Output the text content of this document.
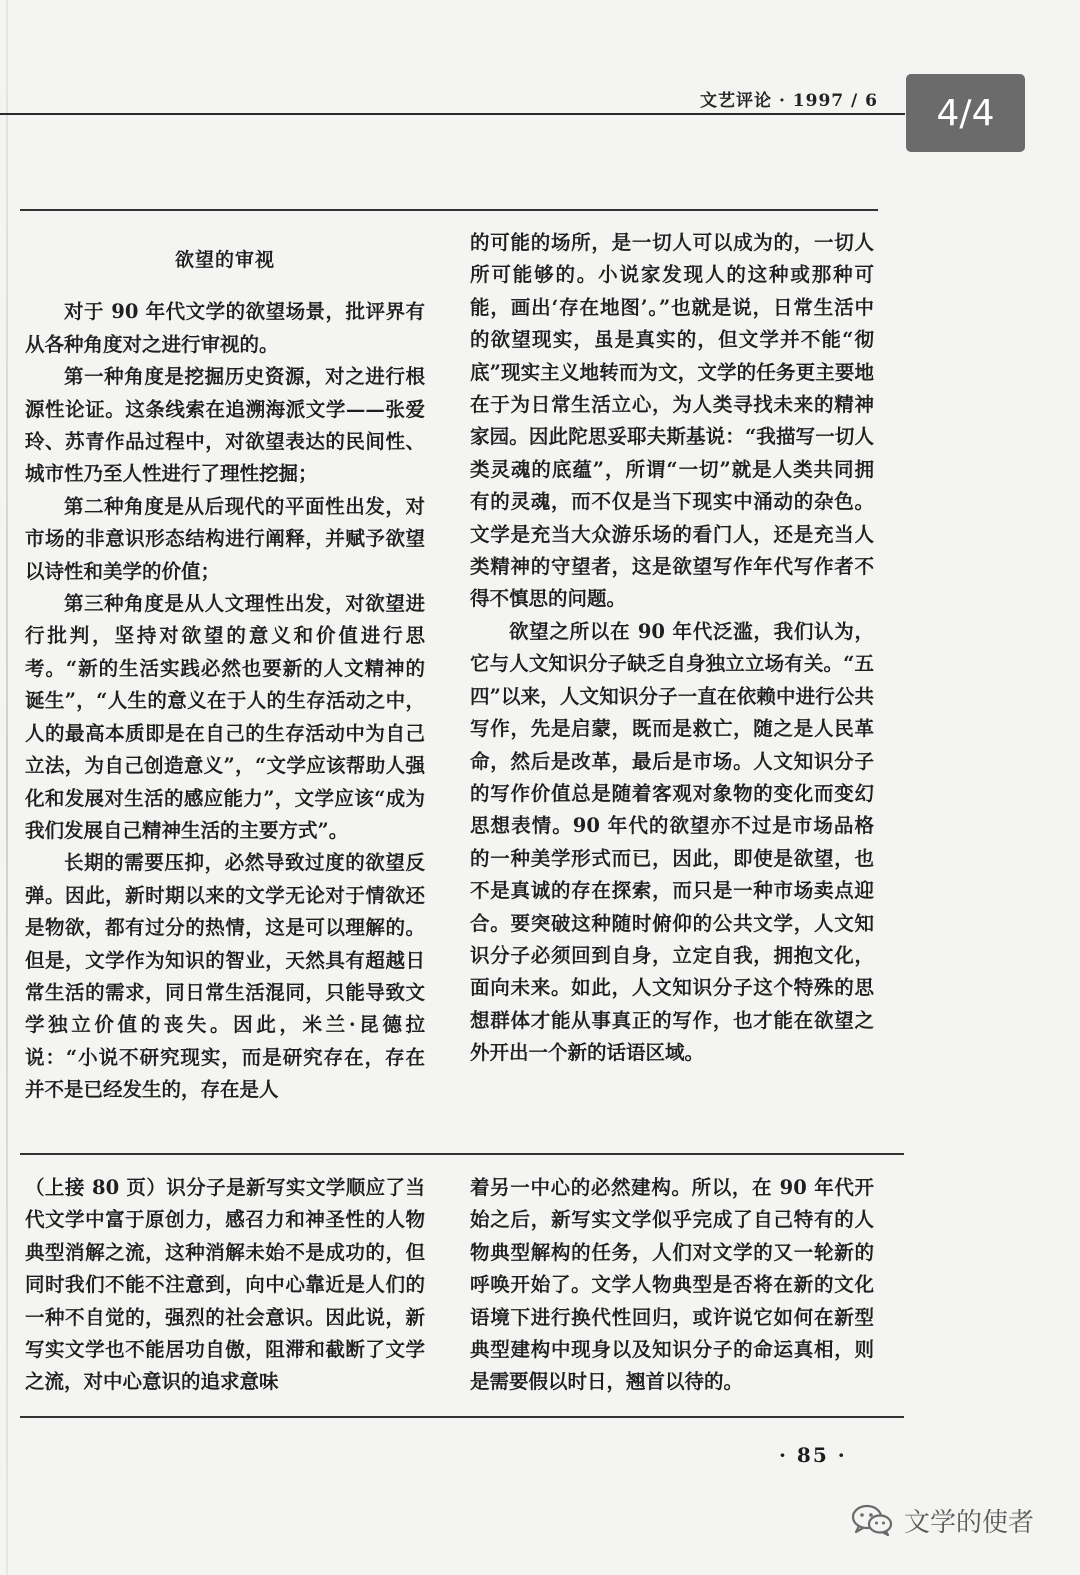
文艺评论 · 1997 / 6	4/4

欲望的审视

对于 90 年代文学的欲望场景，批评界有从各种角度对之进行审视的。

第一种角度是挖掘历史资源，对之进行根源性论证。这条线索在追溯海派文学——张爱玲、苏青作品过程中，对欲望表达的民间性、城市性乃至人性进行了理性挖掘；

第二种角度是从后现代的平面性出发，对市场的非意识形态结构进行阐释，并赋予欲望以诗性和美学的价值；

第三种角度是从人文理性出发，对欲望进行批判，坚持对欲望的意义和价值进行思考。“新的生活实践必然也要新的人文精神的诞生”，“人生的意义在于人的生存活动之中，人的最高本质即是在自己的生存活动中为自己立法，为自己创造意义”，“文学应该帮助人强化和发展对生活的感应能力”，文学应该“成为我们发展自己精神生活的主要方式”。

长期的需要压抑，必然导致过度的欲望反弹。因此，新时期以来的文学无论对于情欲还是物欲，都有过分的热情，这是可以理解的。但是，文学作为知识的智业，天然具有超越日常生活的需求，同日常生活混同，只能导致文学独立价值的丧失。因此，米兰·昆德拉说：“小说不研究现实，而是研究存在，存在并不是已经发生的，存在是人

的可能的场所，是一切人可以成为的，一切人所可能够的。小说家发现人的这种或那种可能，画出‘存在地图’。”也就是说，日常生活中的欲望现实，虽是真实的，但文学并不能“彻底”现实主义地转而为文，文学的任务更主要地在于为日常生活立心，为人类寻找未来的精神家园。因此陀思妥耶夫斯基说：“我描写一切人类灵魂的底蕴”，所谓“一切”就是人类共同拥有的灵魂，而不仅是当下现实中涌动的杂色。文学是充当大众游乐场的看门人，还是充当人类精神的守望者，这是欲望写作年代写作者不得不慎思的问题。

欲望之所以在 90 年代泛滥，我们认为，它与人文知识分子缺乏自身独立立场有关。“五四”以来，人文知识分子一直在依赖中进行公共写作，先是启蒙，既而是救亡，随之是人民革命，然后是改革，最后是市场。人文知识分子的写作价值总是随着客观对象物的变化而变幻思想表情。90 年代的欲望亦不过是市场品格的一种美学形式而已，因此，即使是欲望，也不是真诚的存在探索，而只是一种市场卖点迎合。要突破这种随时俯仰的公共文学，人文知识分子必须回到自身，立定自我，拥抱文化，面向未来。如此，人文知识分子这个特殊的思想群体才能从事真正的写作，也才能在欲望之外开出一个新的话语区域。

（上接 80 页）识分子是新写实文学顺应了当代文学中富于原创力，感召力和神圣性的人物典型消解之流，这种消解未始不是成功的，但同时我们不能不注意到，向中心靠近是人们的一种不自觉的，强烈的社会意识。因此说，新写实文学也不能居功自傲，阻滞和截断了文学之流，对中心意识的追求意味

着另一中心的必然建构。所以，在 90 年代开始之后，新写实文学似乎完成了自己特有的人物典型解构的任务，人们对文学的又一轮新的呼唤开始了。文学人物典型是否将在新的文化语境下进行换代性回归，或许说它如何在新型典型建构中现身以及知识分子的命运真相，则是需要假以时日，翘首以待的。

· 85 ·
文学的使者
